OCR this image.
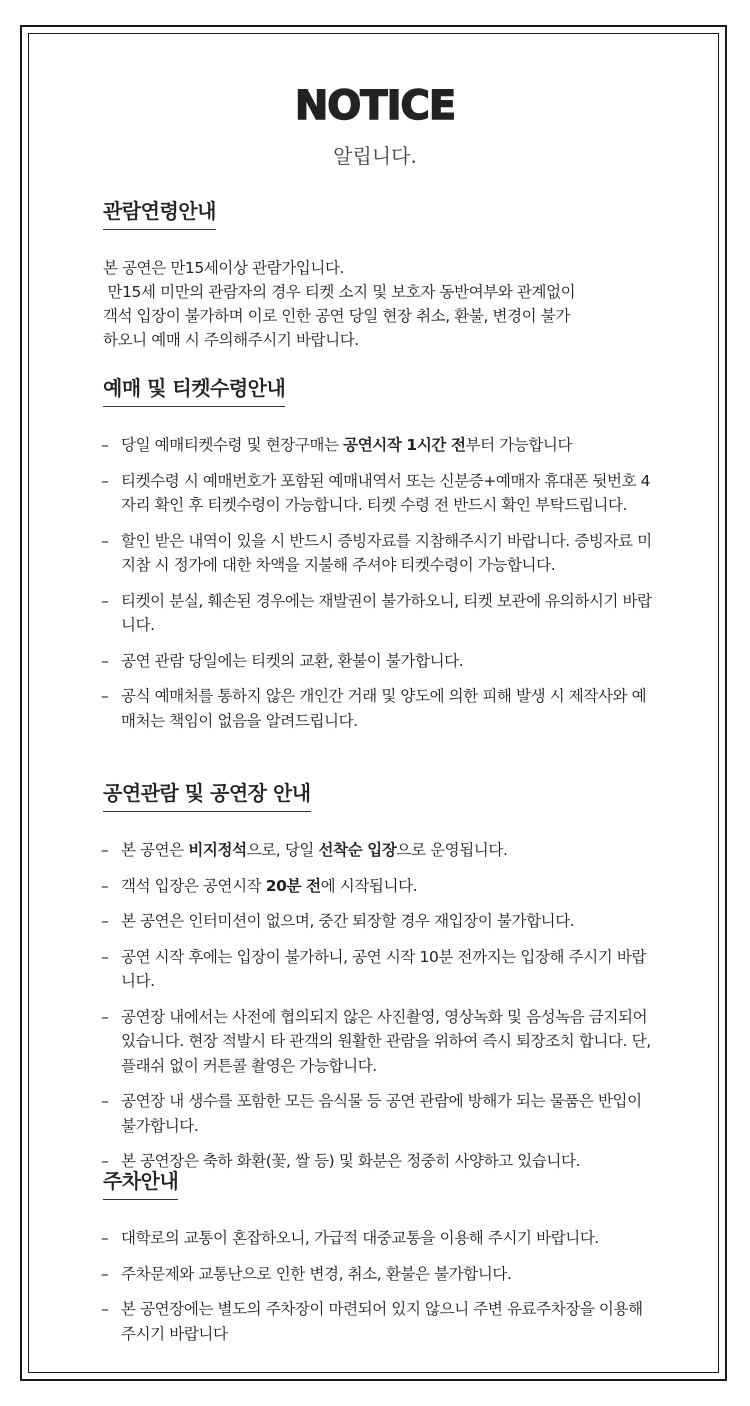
NOTICE
알립니다.
관람연령안내

본 공연은 만15세이상 관람가입니다.

만15세 미만의 관람자의 경우 티켓 소지 및 보호자 동반여부와 관계없이

객석 입장이 불가하며 이로 인한 공연 당일 현장 취소, 환불, 변경이 불가

하오니 예매 시 주의해주시기 바랍니다.

예매 및 티켓수령안내
– 당일 예매티켓수령 및 현장구매는 공연시작 1시간 전부터 가능합니다
– 티켓수령 시 예매번호가 포함된 예매내역서 또는 신분증+예매자 휴대폰 뒷번호 4자리 확인 후 티켓수령이 가능합니다. 티켓 수령 전 반드시 확인 부탁드립니다.
– 할인 받은 내역이 있을 시 반드시 증빙자료를 지참해주시기 바랍니다. 증빙자료 미 지참 시 정가에 대한 차액을 지불해 주셔야 티켓수령이 가능합니다.
– 티켓이 분실, 훼손된 경우에는 재발권이 불가하오니, 티켓 보관에 유의하시기 바랍니다.
– 공연 관람 당일에는 티켓의 교환, 환불이 불가합니다.
– 공식 예매처를 통하지 않은 개인간 거래 및 양도에 의한 피해 발생 시 제작사와 예매처는 책임이 없음을 알려드립니다.
공연관람 및 공연장 안내
– 본 공연은 비지정석으로, 당일 선착순 입장으로 운영됩니다.
– 객석 입장은 공연시작 20분 전에 시작됩니다.
– 본 공연은 인터미션이 없으며, 중간 퇴장할 경우 재입장이 불가합니다.
– 공연 시작 후에는 입장이 불가하니, 공연 시작 10분 전까지는 입장해 주시기 바랍니다.
– 공연장 내에서는 사전에 협의되지 않은 사진촬영, 영상녹화 및 음성녹음 금지되어 있습니다. 현장 적발시 타 관객의 원활한 관람을 위하여 즉시 퇴장조치 합니다. 단, 플래쉬 없이 커튼콜 촬영은 가능합니다.
– 공연장 내 생수를 포함한 모든 음식물 등 공연 관람에 방해가 되는 물품은 반입이 불가합니다.
– 본 공연장은 축하 화환(꽃, 쌀 등) 및 화분은 정중히 사양하고 있습니다.
주차안내
– 대학로의 교통이 혼잡하오니, 가급적 대중교통을 이용해 주시기 바랍니다.
– 주차문제와 교통난으로 인한 변경, 취소, 환불은 불가합니다.
– 본 공연장에는 별도의 주차장이 마련되어 있지 않으니 주변 유료주차장을 이용해주시기 바랍니다
